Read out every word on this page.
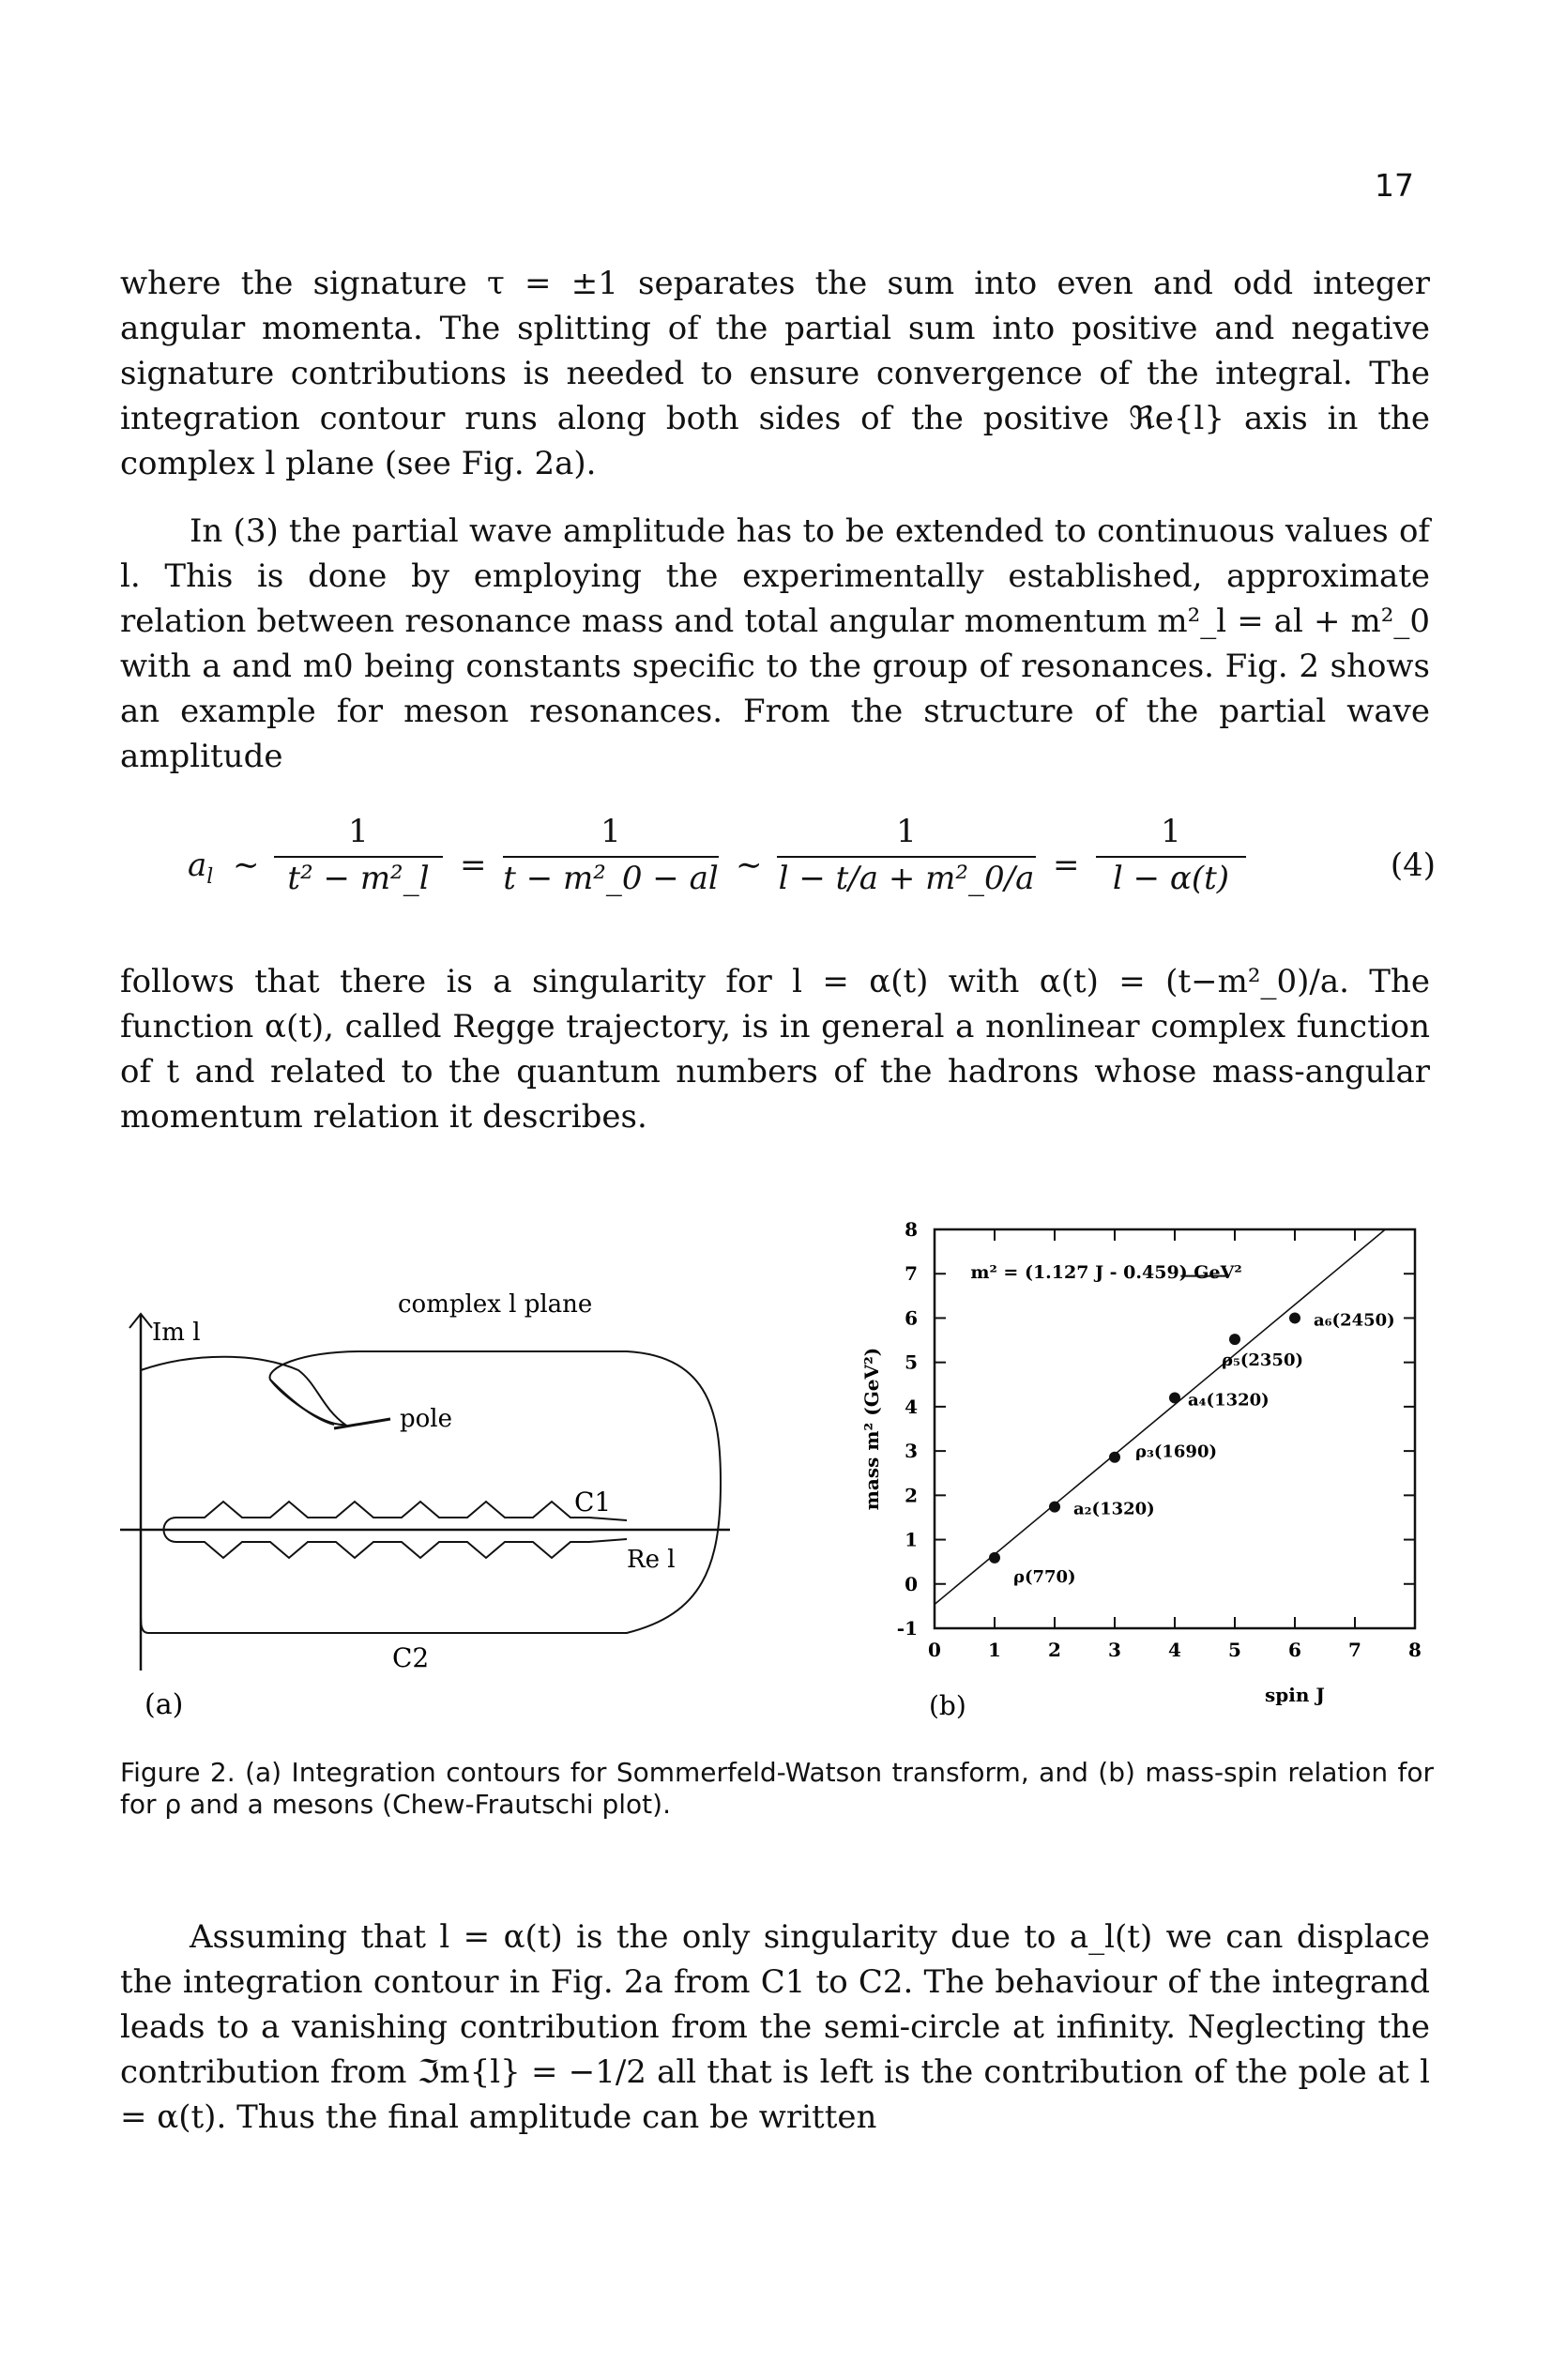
17

where the signature τ = ±1 separates the sum into even and odd integer angular momenta. The splitting of the partial sum into positive and negative signature contributions is needed to ensure convergence of the integral. The integration contour runs along both sides of the positive ℜe{l} axis in the complex l plane (see Fig. 2a).

In (3) the partial wave amplitude has to be extended to continuous values of l. This is done by employing the experimentally established, approximate relation between resonance mass and total angular momentum m²_l = al + m²_0 with a and m0 being constants specific to the group of resonances. Fig. 2 shows an example for meson resonances. From the structure of the partial wave amplitude

$a_l$ ∼
1
t² − m²_l =
1
t − m²_0 − al ∼
1
l − t/a + m²_0/a =
1
l − α(t)	(4)

follows that there is a singularity for l = α(t) with α(t) = (t−m²_0)/a. The function α(t), called Regge trajectory, is in general a nonlinear complex function of t and related to the quantum numbers of the hadrons whose mass-angular momentum relation it describes.

Im l
complex l plane
pole
C1
Re l
C2
(a)
0	1	2	3	4	5	6	7	8
-1
0
1
2
3
4
5
6
7
8
m² = (1.127 J - 0.459) GeV²
ρ(770)
a₂(1320)
ρ₃(1690)
a₄(1320)
ρ₅(2350)
a₆(2450)
mass m² (GeV²)
spin J
(b)
Figure 2. (a) Integration contours for Sommerfeld-Watson transform, and (b) mass-spin relation for for ρ and a mesons (Chew-Frautschi plot).

Assuming that l = α(t) is the only singularity due to a_l(t) we can displace the integration contour in Fig. 2a from C1 to C2. The behaviour of the integrand leads to a vanishing contribution from the semi-circle at infinity. Neglecting the contribution from ℑm{l} = −1/2 all that is left is the contribution of the pole at l = α(t). Thus the final amplitude can be written
